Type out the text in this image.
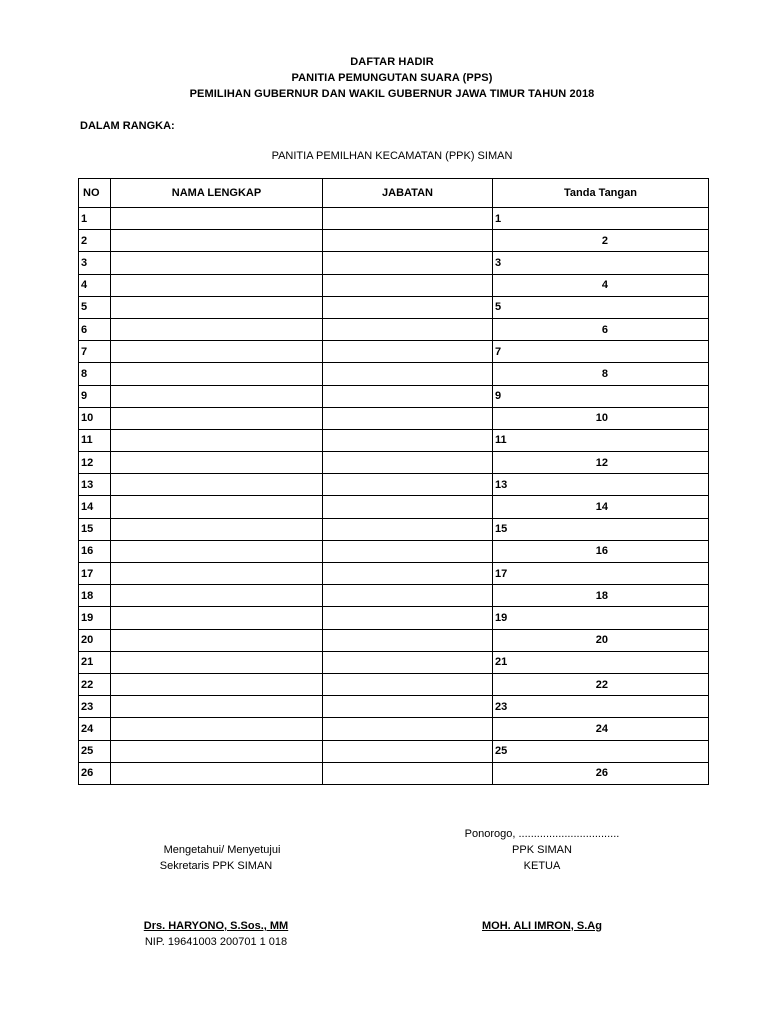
DAFTAR HADIR
PANITIA PEMUNGUTAN SUARA (PPS)
PEMILIHAN GUBERNUR DAN WAKIL GUBERNUR JAWA TIMUR TAHUN 2018
DALAM RANGKA:
PANITIA PEMILHAN KECAMATAN (PPK) SIMAN
NO	NAMA LENGKAP	JABATAN	Tanda Tangan
1			1
2			2
3			3
4			4
5			5
6			6
7			7
8			8
9			9
10			10
11			11
12			12
13			13
14			14
15			15
16			16
17			17
18			18
19			19
20			20
21			21
22			22
23			23
24			24
25			25
26			26
Ponorogo, .................................
Mengetahui/ Menyetujui
Sekretaris PPK SIMAN
PPK SIMAN
KETUA
Drs. HARYONO, S.Sos., MM
NIP. 19641003 200701 1 018
MOH. ALI IMRON, S.Ag
